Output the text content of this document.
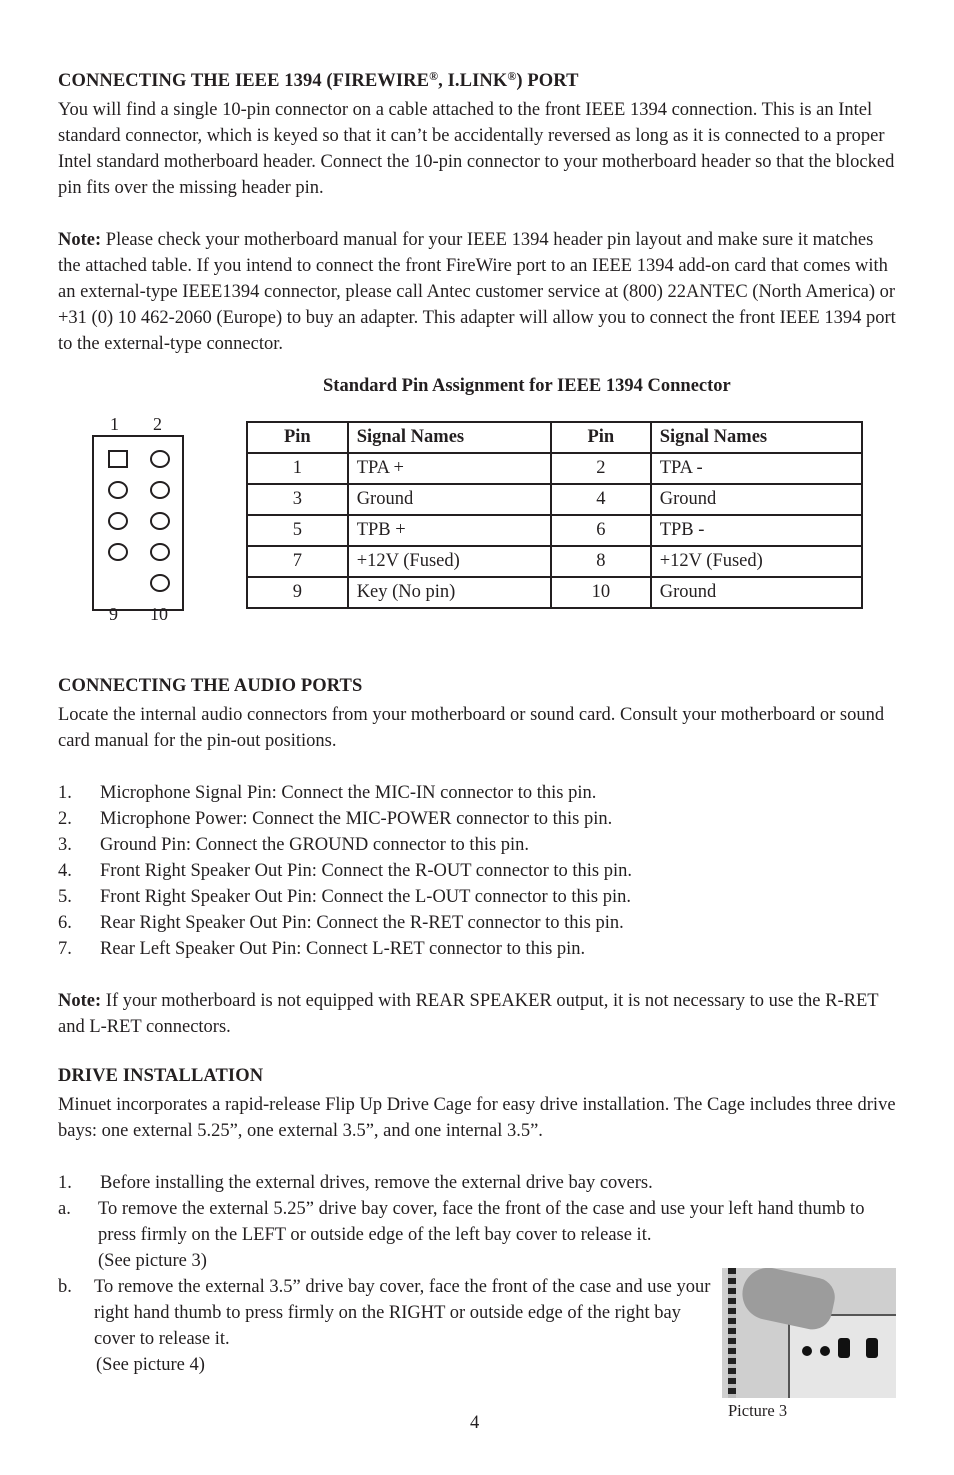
CONNECTING THE IEEE 1394 (FIREWIRE®, I.LINK®) PORT
You will find a single 10-pin connector on a cable attached to the front IEEE 1394 connection. This is an Intel standard connector, which is keyed so that it can’t be accidentally reversed as long as it is connected to a proper Intel standard motherboard header. Connect the 10-pin connector to your motherboard header so that the blocked pin fits over the missing header pin.
Note: Please check your motherboard manual for your IEEE 1394 header pin layout and make sure it matches the attached table. If you intend to connect the front FireWire port to an IEEE 1394 add-on card that comes with an external-type IEEE1394 connector, please call Antec customer service at (800) 22ANTEC (North America) or +31 (0) 10 462-2060 (Europe) to buy an adapter. This adapter will allow you to connect the front IEEE 1394 port to the external-type connector.
Standard Pin Assignment for IEEE 1394 Connector
1 2
9 10
Pin	Signal Names	Pin	Signal Names
1	TPA +	2	TPA -
3	Ground	4	Ground
5	TPB +	6	TPB -
7	+12V (Fused)	8	+12V (Fused)
9	Key (No pin)	10	Ground
CONNECTING THE AUDIO PORTS
Locate the internal audio connectors from your motherboard or sound card. Consult your motherboard or sound card manual for the pin-out positions.
1. Microphone Signal Pin: Connect the MIC-IN connector to this pin.
2. Microphone Power: Connect the MIC-POWER connector to this pin.
3. Ground Pin: Connect the GROUND connector to this pin.
4. Front Right Speaker Out Pin: Connect the R-OUT connector to this pin.
5. Front Right Speaker Out Pin: Connect the L-OUT connector to this pin.
6. Rear Right Speaker Out Pin: Connect the R-RET connector to this pin.
7. Rear Left Speaker Out Pin: Connect L-RET connector to this pin.
Note: If your motherboard is not equipped with REAR SPEAKER output, it is not necessary to use the R-RET and L-RET connectors.
DRIVE INSTALLATION
Minuet incorporates a rapid-release Flip Up Drive Cage for easy drive installation. The Cage includes three drive bays: one external 5.25”, one external 3.5”, and one internal 3.5”.
1. Before installing the external drives, remove the external drive bay covers.
a. To remove the external 5.25” drive bay cover, face the front of the case and use your left hand thumb to press firmly on the LEFT or outside edge of the left bay cover to release it.
(See picture 3)
b. To remove the external 3.5” drive bay cover, face the front of the case and use your right hand thumb to press firmly on the RIGHT or outside edge of the right bay cover to release it.
(See picture 4)
Picture 3
4
